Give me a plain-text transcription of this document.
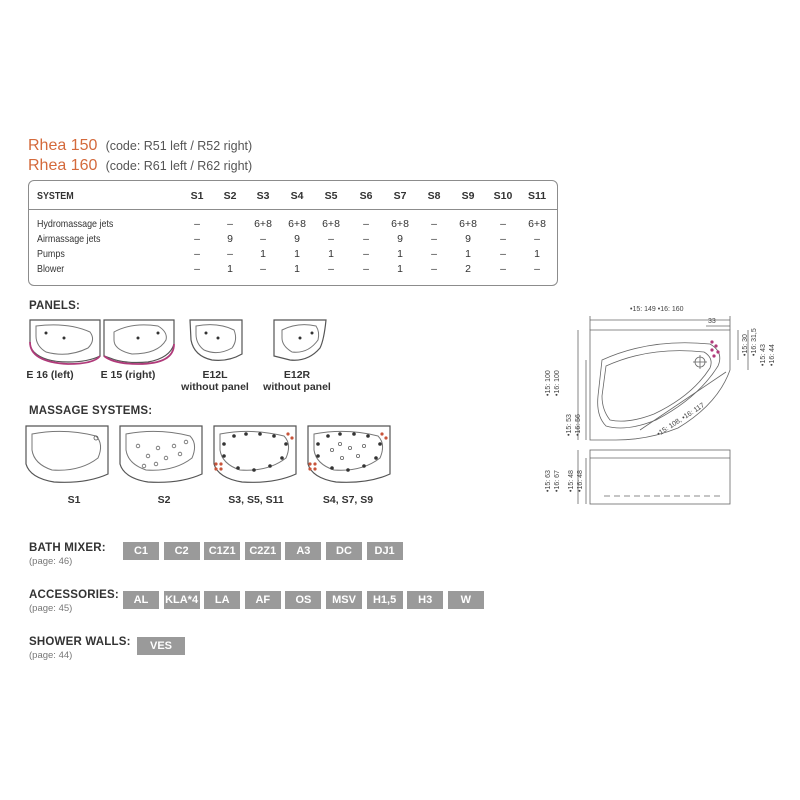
Rhea 150 (code: R51 left / R52 right)
Rhea 160 (code: R61 left / R62 right)
SYSTEM	S1	S2	S3	S4	S5	S6	S7	S8	S9	S10	S11
Hydromassage jets	–	–	6+8	6+8	6+8	–	6+8	–	6+8	–	6+8
Airmassage jets	–	9	–	9	–	–	9	–	9	–	–
Pumps	–	–	1	1	1	–	1	–	1	–	1
Blower	–	1	–	1	–	–	1	–	2	–	–
PANELS:
E 16 (left)	E 15 (right)	E12L
without panel
E12R
without panel
MASSAGE SYSTEMS:
S1	S2	S3, S5, S11	S4, S7, S9
•15: 149 •16: 160
33
•15: 30 •16: 31,5 •15: 43 •16: 44
•15: 100 •16: 100
•15: 53 •16: 56	•15: 108, •16: 117
•15: 63 •16: 67 •15: 48 •16: 48
BATH MIXER:
(page: 46)
C1	C2	C1Z1	C2Z1	A3	DC	DJ1
ACCESSORIES:
(page: 45)
AL	KLA*4	LA	AF	OS	MSV	H1,5	H3	W
SHOWER WALLS:
(page: 44)
VES
